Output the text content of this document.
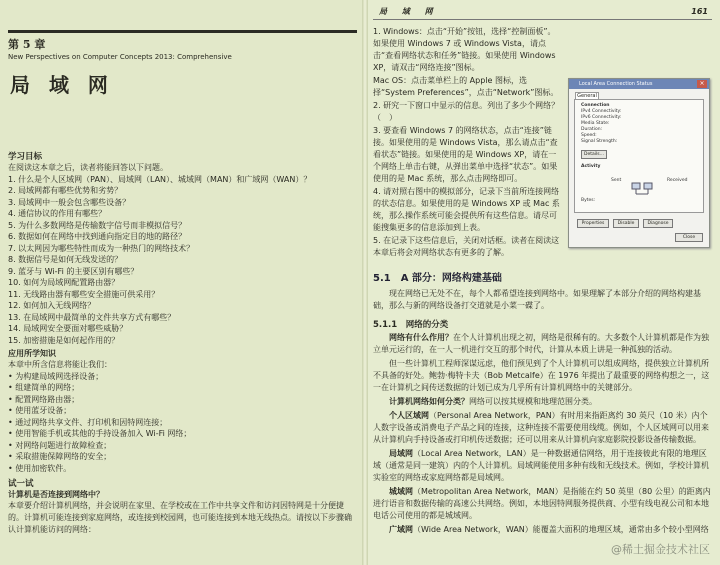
第 5 章
New Perspectives on Computer Concepts 2013: Comprehensive
局 域 网
学习目标
在阅读这本章之后，读者将能回答以下问题。
1. 什么是个人区域网（PAN）、局域网（LAN）、城域网（MAN）和广域网（WAN）？
2. 局域网都有哪些优势和劣势？
3. 局域网中一般会包含哪些设备？
4. 通信协议的作用有哪些？
5. 为什么多数网络是传输数字信号而非模拟信号？
6. 数据如何在网络中找到通向指定目的地的路径？
7. 以太网因为哪些特性而成为一种热门的网络技术？
8. 数据信号是如何无线发送的？
9. 蓝牙与 Wi-Fi 的主要区别有哪些？
10. 如何为局域网配置路由器？
11. 无线路由器有哪些安全措施可供采用？
12. 如何加入无线网络？
13. 在局域网中最简单的文件共享方式有哪些？
14. 局域网安全要面对哪些威胁？
15. 加密措施是如何起作用的？
应用所学知识
本章中所含信息将能让我们：
• 为构建局域网选择设备；
• 组建简单的网络；
• 配置网络路由器；
• 使用蓝牙设备；
• 通过网络共享文件、打印机和因特网连接；
• 使用智能手机或其他的手持设备加入 Wi-Fi 网络；
• 对网络问题进行故障检查；
• 采取措施保障网络的安全；
• 使用加密软件。
试一试
计算机是否连接到网络中？
本章要介绍计算机网络，并会说明在家里、在学校或在工作中共享文件和访问因特网是十分便捷的。计算机可能连接到家庭网络，或连接到校园网，也可能连接到本地无线热点。请按以下步骤确认计算机能访问的网络：
局 域 网	161
1. Windows：点击“开始”按钮，选择“控制面板”。如果使用 Windows 7 或 Windows Vista，请点击“查看网络状态和任务”链接。如果使用 Windows XP，请双击“网络连接”图标。
Mac OS：点击菜单栏上的 Apple 图标，选择“System Preferences”，点击“Network”图标。
2. 研究一下窗口中显示的信息。列出了多少个网络？（　）
3. 要查看 Windows 7 的网络状态，点击“连接”链接。如果使用的是 Windows Vista，那么请点击“查看状态”链接。如果使用的是 Windows XP，请在一个网络上单击右键，从弹出菜单中选择“状态”。如果使用的是 Mac 系统，那么点击网络即可。
4. 请对照右图中的模拟部分，记录下当前所连接网络的状态信息。如果使用的是 Windows XP 或 Mac 系统，那么操作系统可能会提供所有这些信息。请尽可能搜集更多的信息添加到上表。
5. 在记录下这些信息后，关闭对话框。读者在阅读这本章后将会对网络状态有更多的了解。
5.1　A 部分：网络构建基础
现在网络已无处不在，每个人都希望连接到网络中。如果理解了本部分介绍的网络构建基础，那么与新的网络设备打交道就是小菜一碟了。
5.1.1　网络的分类
网络有什么作用？在个人计算机出现之初，网络是很稀有的。大多数个人计算机都是作为独立单元运行的，在一人一机进行交互的那个时代，计算从本质上讲是一种孤独的活动。
但一些计算机工程师深谋远虑，他们预见到了个人计算机可以组成网络，提供独立计算机所不具备的好处。鲍勃·梅特卡夫（Bob Metcalfe）在 1976 年提出了最重要的网络构想之一，这一在计算机之间传送数据的计划已成为几乎所有计算机网络中的关键部分。
计算机网络如何分类？网络可以按其规模和地理范围分类。
个人区域网（Personal Area Network，PAN）有时用来指距离约 30 英尺（10 米）内个人数字设备或消费电子产品之间的连接，这种连接不需要使用线缆。例如，个人区域网可以用来从计算机向手持设备或打印机传送数据；还可以用来从计算机向家庭影院投影设备传输数据。
局域网（Local Area Network，LAN）是一种数据通信网络，用于连接彼此有限的地理区域（通常是同一建筑）内的个人计算机。局域网能使用多种有线和无线技术。例如，学校计算机实验室的网络或家庭网络都是局域网。
城域网（Metropolitan Area Network，MAN）是指能在约 50 英里（80 公里）的距离内进行语音和数据传输的高速公共网络。例如，本地因特网服务提供商、小型有线电视公司和本地电话公司使用的都是城域网。
广域网（Wide Area Network，WAN）能覆盖大面积的地理区域，通常由多个较小型网络
Local Area Connection Status	×
General
Connection
IPv4 Connectivity:
IPv6 Connectivity:
Media State:
Duration:
Speed:
Signal Strength:
Details...
Activity
Sent	Received
Bytes:
Properties	Disable	Diagnose
Close
@稀土掘金技术社区
